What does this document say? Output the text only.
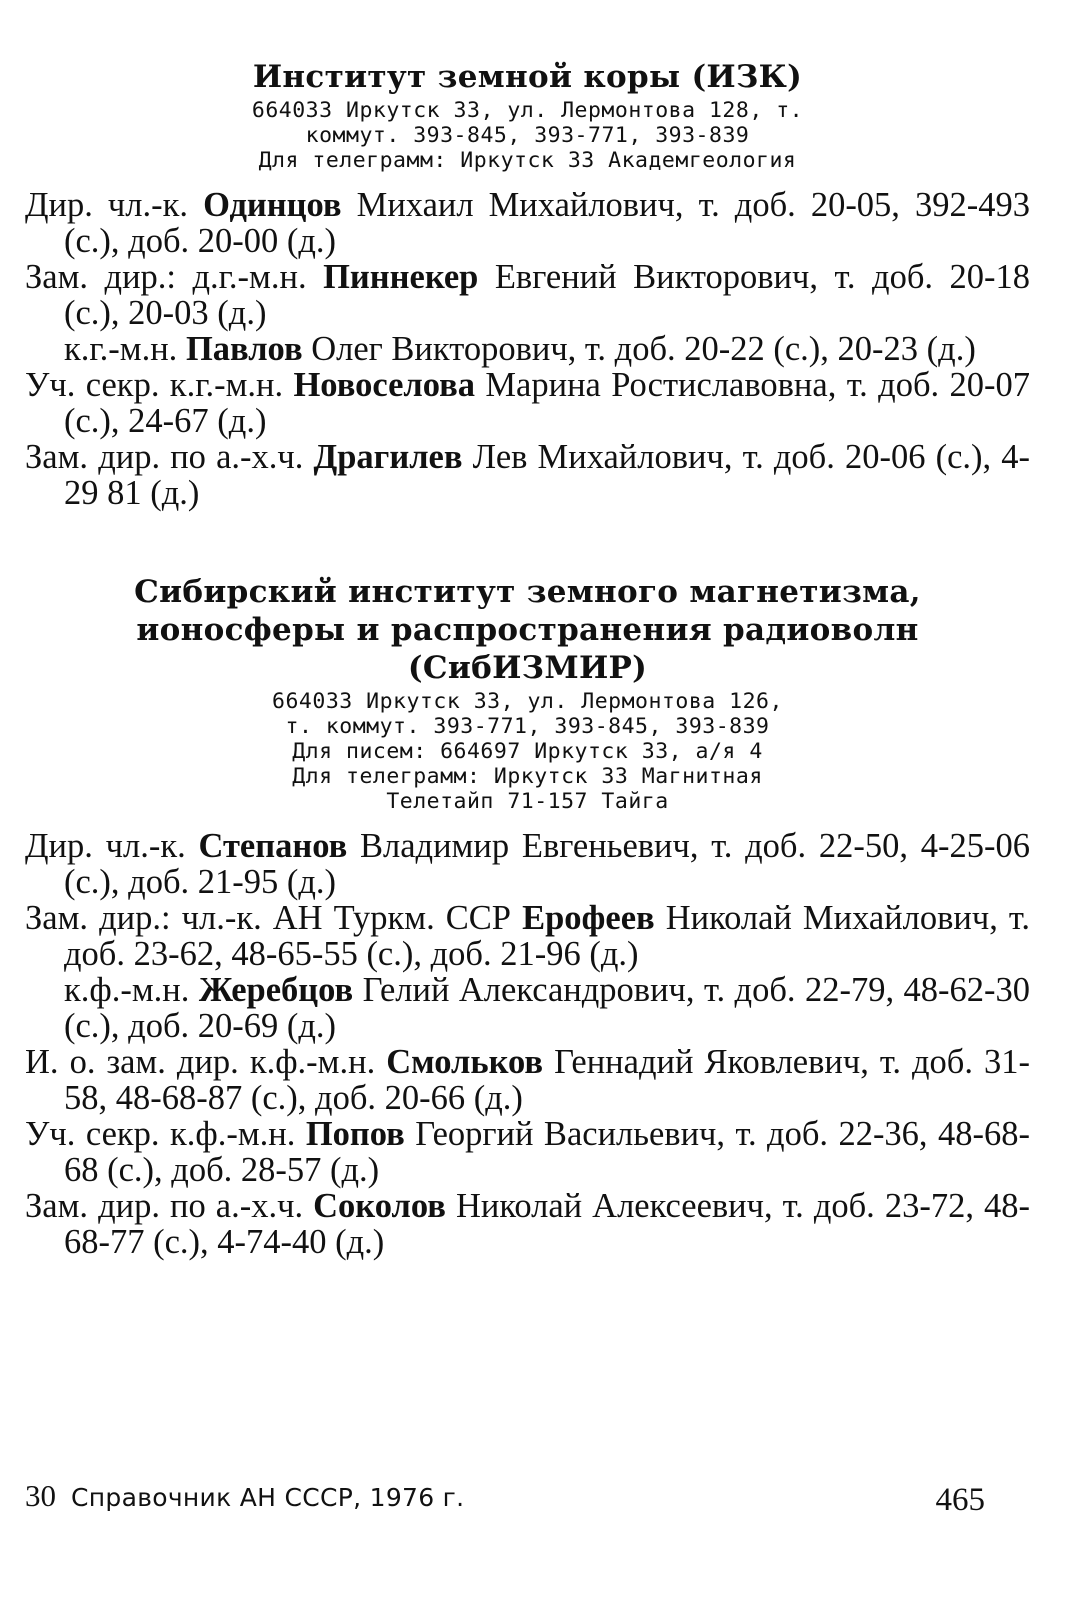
Институт земной коры (ИЗК)
664033 Иркутск 33, ул. Лермонтова 128, т.
коммут. 393-845, 393-771, 393-839
Для телеграмм: Иркутск 33 Академгеология

Дир. чл.-к. Одинцов Михаил Михайлович, т. доб. 20-05, 392-493 (с.), доб. 20-00 (д.)

Зам. дир.: д.г.-м.н. Пиннекер Евгений Викторович, т. доб. 20-18 (с.), 20-03 (д.)

к.г.-м.н. Павлов Олег Викторович, т. доб. 20-22 (с.), 20-23 (д.)

Уч. секр. к.г.-м.н. Новоселова Марина Ростиславовна, т. доб. 20-07 (с.), 24-67 (д.)

Зам. дир. по а.-х.ч. Драгилев Лев Михайлович, т. доб. 20-06 (с.), 4-29 81 (д.)

Сибирский институт земного магнетизма,
ионосферы и распространения радиоволн
(СибИЗМИР)
664033 Иркутск 33, ул. Лермонтова 126,
т. коммут. 393-771, 393-845, 393-839
Для писем: 664697 Иркутск 33, а/я 4
Для телеграмм: Иркутск 33 Магнитная
Телетайп 71-157 Тайга

Дир. чл.-к. Степанов Владимир Евгеньевич, т. доб. 22-50, 4-25-06 (с.), доб. 21-95 (д.)

Зам. дир.: чл.-к. АН Туркм. ССР Ерофеев Николай Михайлович, т. доб. 23-62, 48-65-55 (с.), доб. 21-96 (д.)

к.ф.-м.н. Жеребцов Гелий Александрович, т. доб. 22-79, 48-62-30 (с.), доб. 20-69 (д.)

И. о. зам. дир. к.ф.-м.н. Смольков Геннадий Яковлевич, т. доб. 31-58, 48-68-87 (с.), доб. 20-66 (д.)

Уч. секр. к.ф.-м.н. Попов Георгий Васильевич, т. доб. 22-36, 48-68-68 (с.), доб. 28-57 (д.)

Зам. дир. по а.-х.ч. Соколов Николай Алексеевич, т. доб. 23-72, 48-68-77 (с.), 4-74-40 (д.)

30 Справочник АН СССР, 1976 г.	465
